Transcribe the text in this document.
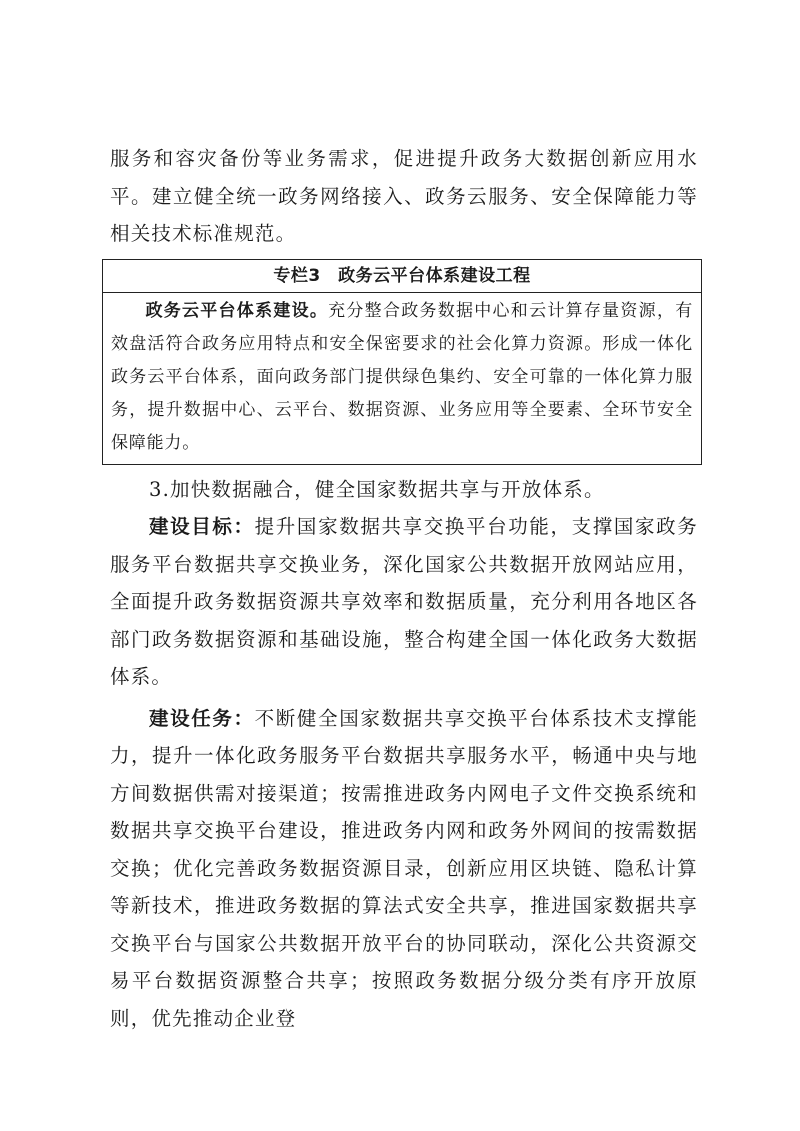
服务和容灾备份等业务需求，促进提升政务大数据创新应用水平。建立健全统一政务网络接入、政务云服务、安全保障能力等相关技术标准规范。

专栏3　政务云平台体系建设工程
政务云平台体系建设。充分整合政务数据中心和云计算存量资源，有效盘活符合政务应用特点和安全保密要求的社会化算力资源。形成一体化政务云平台体系，面向政务部门提供绿色集约、安全可靠的一体化算力服务，提升数据中心、云平台、数据资源、业务应用等全要素、全环节安全保障能力。

3.加快数据融合，健全国家数据共享与开放体系。

建设目标：提升国家数据共享交换平台功能，支撑国家政务服务平台数据共享交换业务，深化国家公共数据开放网站应用，全面提升政务数据资源共享效率和数据质量，充分利用各地区各部门政务数据资源和基础设施，整合构建全国一体化政务大数据体系。

建设任务：不断健全国家数据共享交换平台体系技术支撑能力，提升一体化政务服务平台数据共享服务水平，畅通中央与地方间数据供需对接渠道；按需推进政务内网电子文件交换系统和数据共享交换平台建设，推进政务内网和政务外网间的按需数据交换；优化完善政务数据资源目录，创新应用区块链、隐私计算等新技术，推进政务数据的算法式安全共享，推进国家数据共享交换平台与国家公共数据开放平台的协同联动，深化公共资源交易平台数据资源整合共享；按照政务数据分级分类有序开放原则，优先推动企业登
